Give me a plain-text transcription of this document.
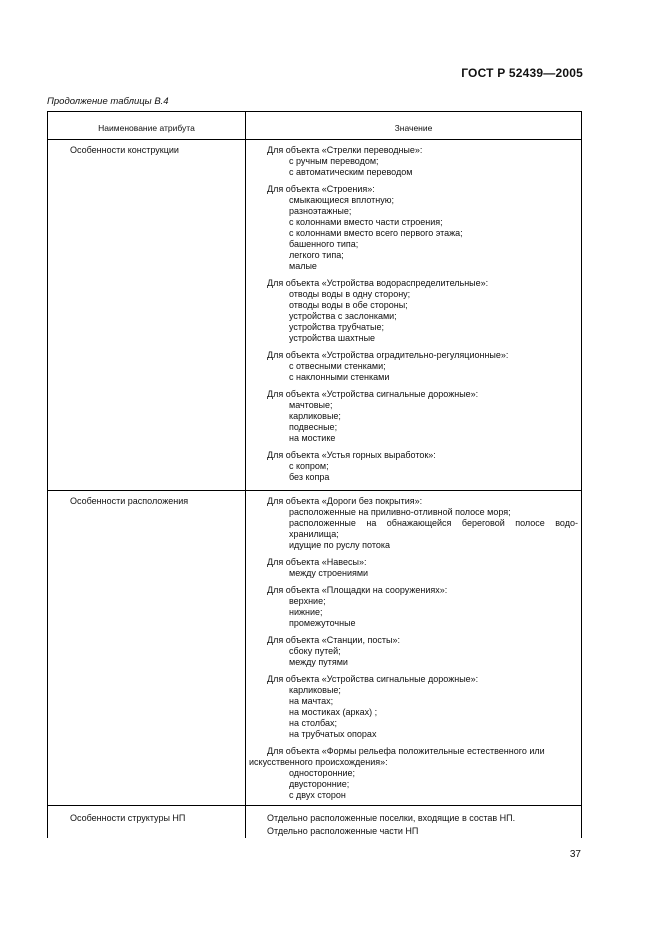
ГОСТ Р 52439—2005
Продолжение таблицы В.4
Наименование атрибута	Значение
Особенности конструкции	Для объекта «Стрелки переводные»:
с ручным переводом;
с автоматическим переводом
Для объекта «Строения»:
смыкающиеся вплотную;
разноэтажные;
с колоннами вместо части строения;
с колоннами вместо всего первого этажа;
башенного типа;
легкого типа;
малые
Для объекта «Устройства водораспределительные»:
отводы воды в одну сторону;
отводы воды в обе стороны;
устройства с заслонками;
устройства трубчатые;
устройства шахтные
Для объекта «Устройства оградительно-регуляционные»:
с отвесными стенками;
с наклонными стенками
Для объекта «Устройства сигнальные дорожные»:
мачтовые;
карликовые;
подвесные;
на мостике
Для объекта «Устья горных выработок»:
с копром;
без копра
Особенности расположения	Для объекта «Дороги без покрытия»:
расположенные на приливно-отливной полосе моря;
расположенные на обнажающейся береговой полосе водо-
хранилища;
идущие по руслу потока
Для объекта «Навесы»:
между строениями
Для объекта «Площадки на сооружениях»:
верхние;
нижние;
промежуточные
Для объекта «Станции, посты»:
сбоку путей;
между путями
Для объекта «Устройства сигнальные дорожные»:
карликовые;
на мачтах;
на мостиках (арках) ;
на столбах;
на трубчатых опорах
Для объекта «Формы рельефа положительные естественного или
искусственного происхождения»:
односторонние;
двусторонние;
с двух сторон
Особенности структуры НП	Отдельно расположенные поселки, входящие в состав НП.
Отдельно расположенные части НП
37
